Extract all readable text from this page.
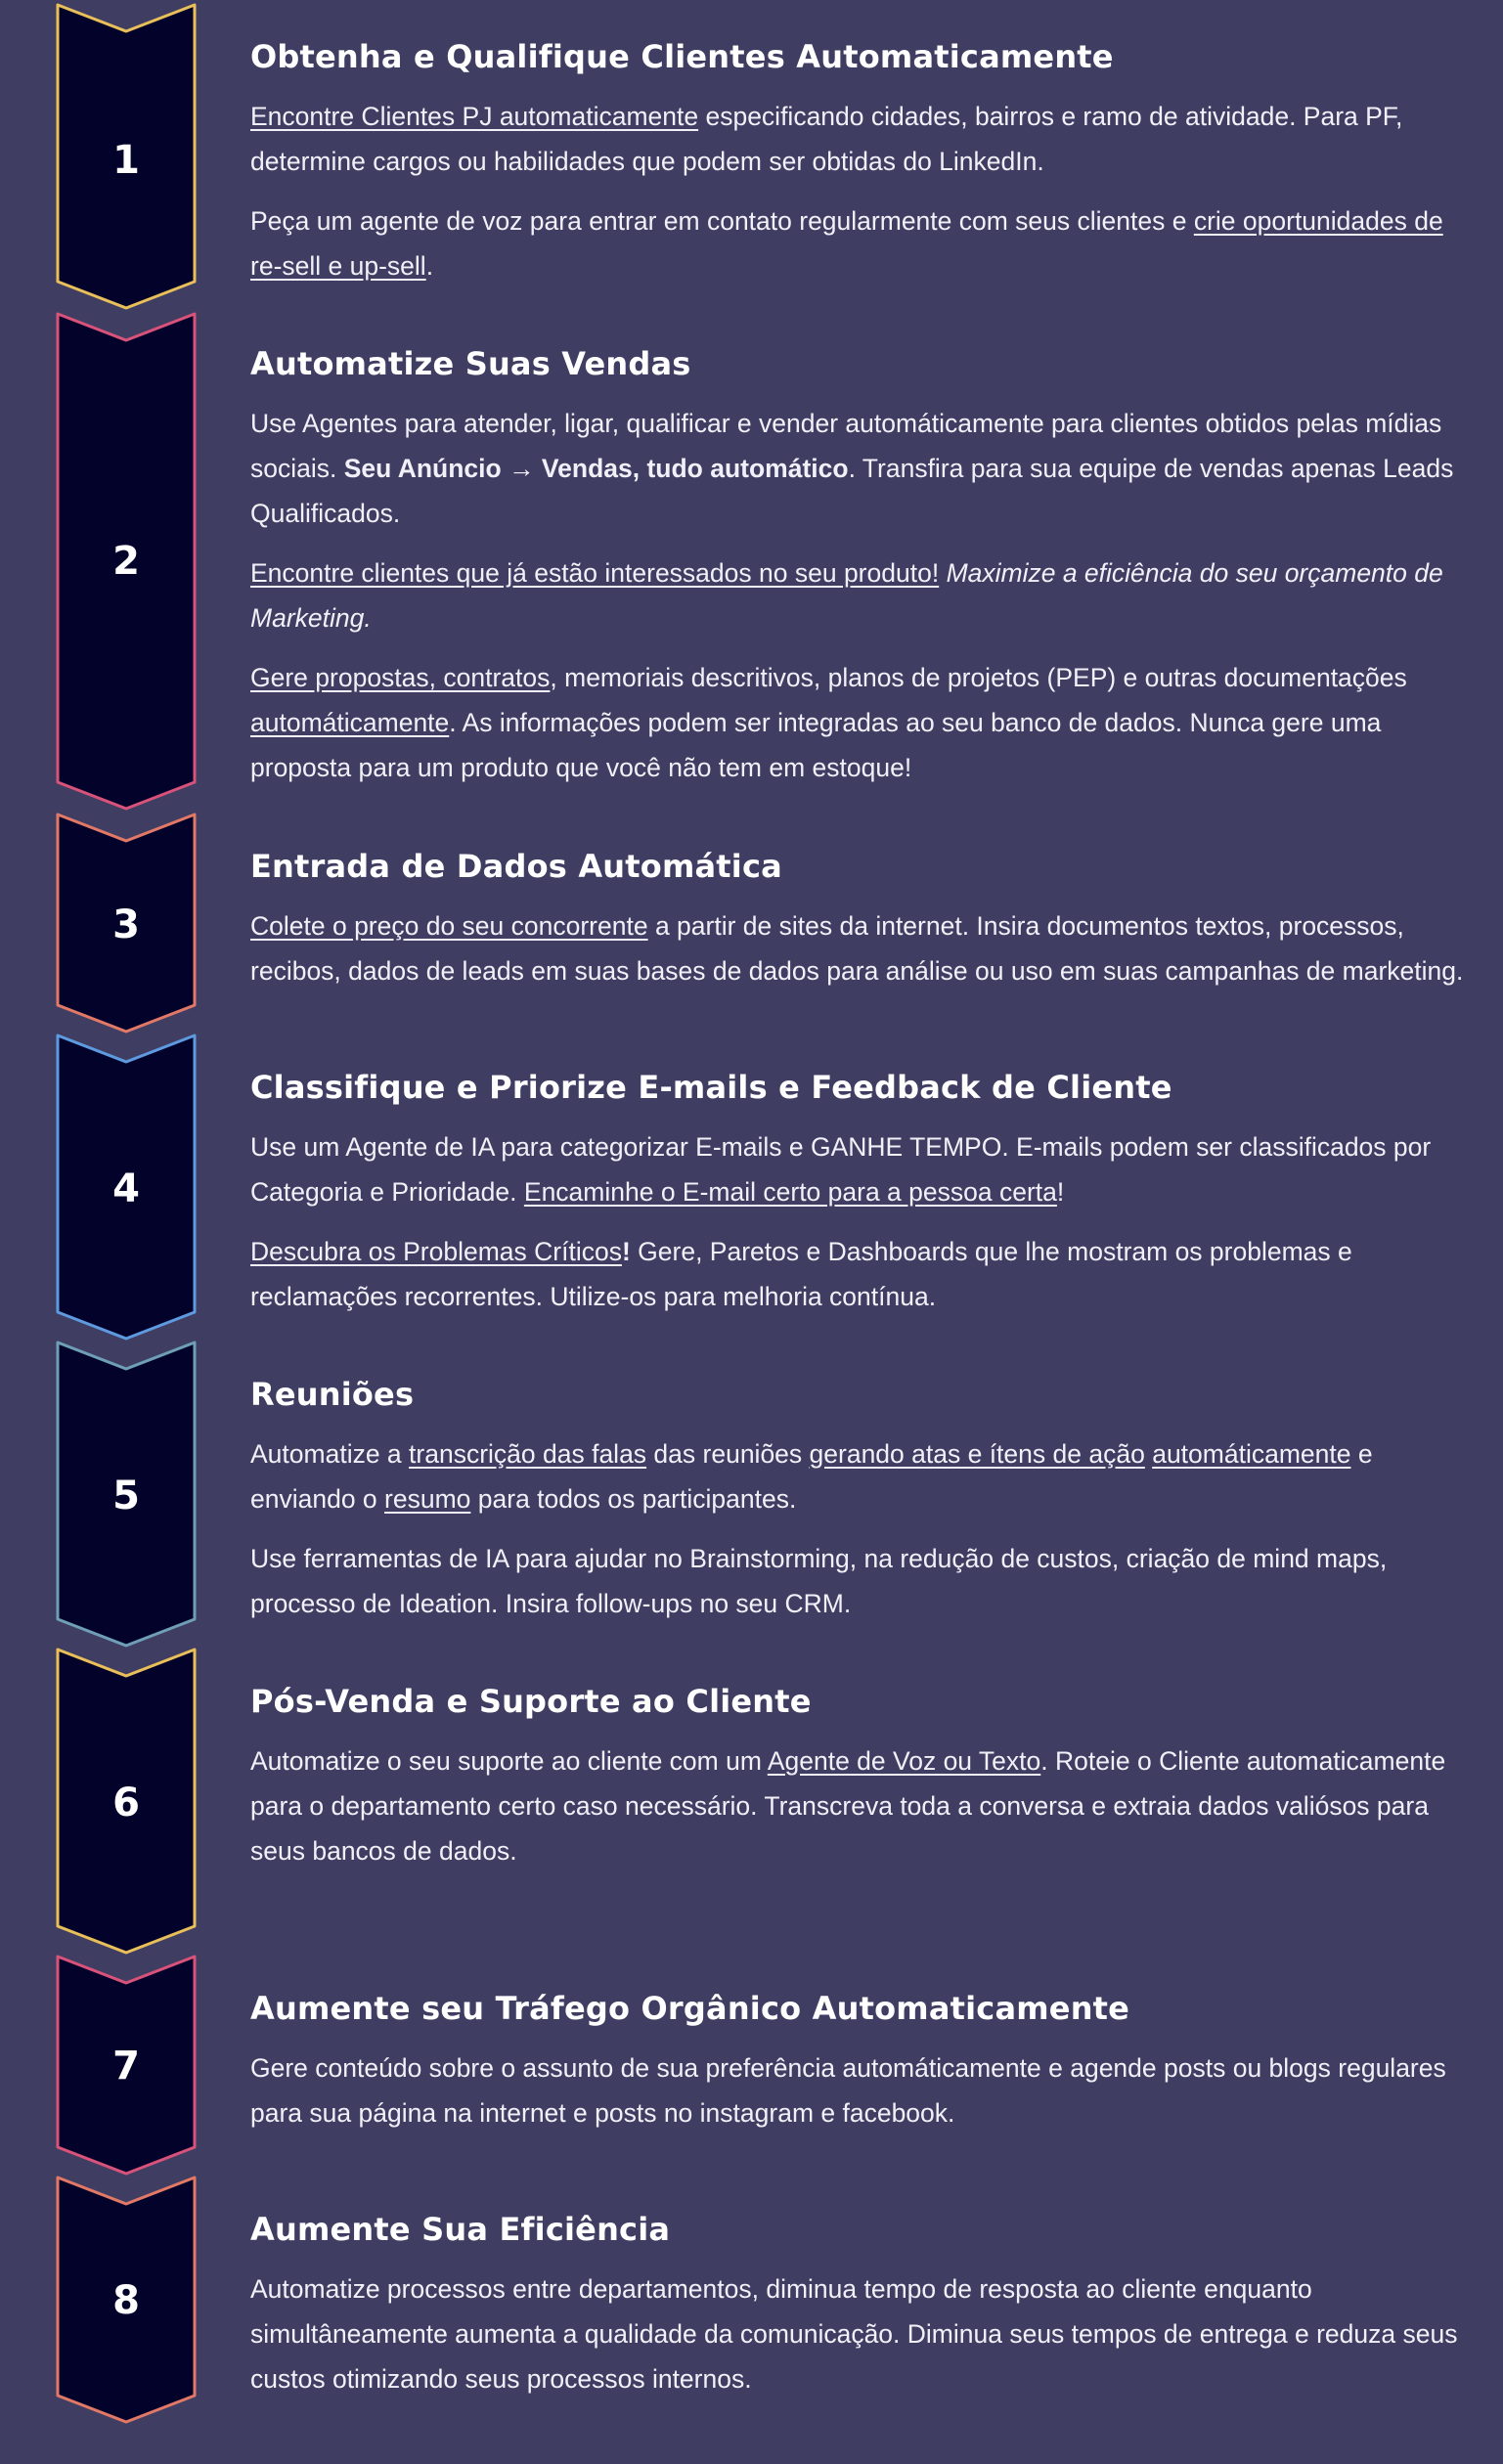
1
Obtenha e Qualifique Clientes Automaticamente

Encontre Clientes PJ automaticamente especificando cidades, bairros e ramo de atividade. Para PF, determine cargos ou habilidades que podem ser obtidas do LinkedIn.

Peça um agente de voz para entrar em contato regularmente com seus clientes e crie oportunidades de re-sell e up-sell.

2
Automatize Suas Vendas

Use Agentes para atender, ligar, qualificar e vender automáticamente para clientes obtidos pelas mídias sociais. Seu Anúncio → Vendas, tudo automático. Transfira para sua equipe de vendas apenas Leads Qualificados.

Encontre clientes que já estão interessados no seu produto! Maximize a eficiência do seu orçamento de Marketing.

Gere propostas, contratos, memoriais descritivos, planos de projetos (PEP) e outras documentações automáticamente. As informações podem ser integradas ao seu banco de dados. Nunca gere uma proposta para um produto que você não tem em estoque!

3
Entrada de Dados Automática

Colete o preço do seu concorrente a partir de sites da internet. Insira documentos textos, processos, recibos, dados de leads em suas bases de dados para análise ou uso em suas campanhas de marketing.

4
Classifique e Priorize E-mails e Feedback de Cliente

Use um Agente de IA para categorizar E-mails e GANHE TEMPO. E-mails podem ser classificados por Categoria e Prioridade. Encaminhe o E-mail certo para a pessoa certa!

Descubra os Problemas Críticos! Gere, Paretos e Dashboards que lhe mostram os problemas e reclamações recorrentes. Utilize-os para melhoria contínua.

5
Reuniões

Automatize a transcrição das falas das reuniões gerando atas e ítens de ação automáticamente e enviando o resumo para todos os participantes.

Use ferramentas de IA para ajudar no Brainstorming, na redução de custos, criação de mind maps, processo de Ideation. Insira follow-ups no seu CRM.

6
Pós-Venda e Suporte ao Cliente

Automatize o seu suporte ao cliente com um Agente de Voz ou Texto. Roteie o Cliente automaticamente para o departamento certo caso necessário. Transcreva toda a conversa e extraia dados valiósos para seus bancos de dados.

7
Aumente seu Tráfego Orgânico Automaticamente

Gere conteúdo sobre o assunto de sua preferência automáticamente e agende posts ou blogs regulares para sua página na internet e posts no instagram e facebook.

8
Aumente Sua Eficiência

Automatize processos entre departamentos, diminua tempo de resposta ao cliente enquanto simultâneamente aumenta a qualidade da comunicação. Diminua seus tempos de entrega e reduza seus custos otimizando seus processos internos.
